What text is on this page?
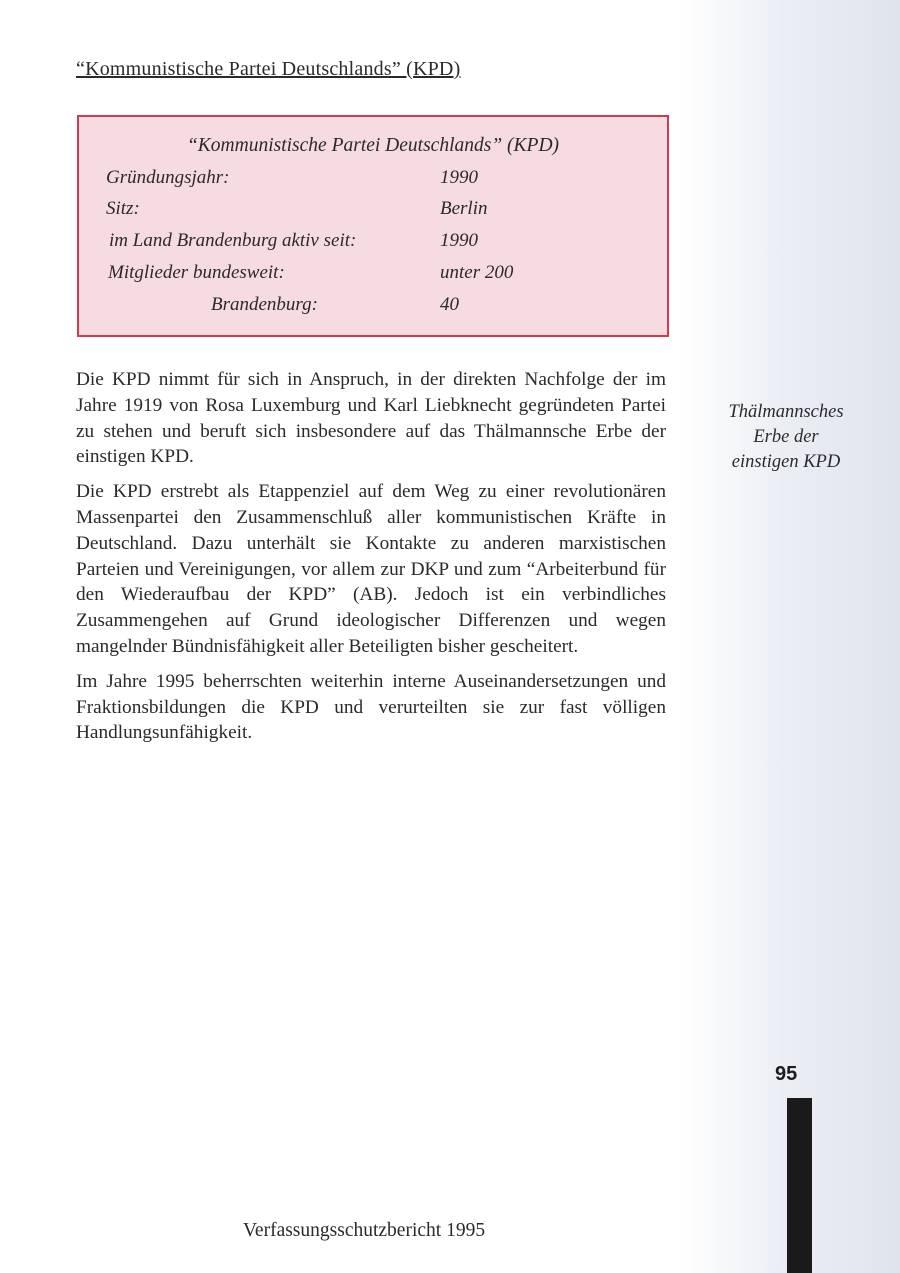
“Kommunistische Partei Deutschlands” (KPD)
“Kommunistische Partei Deutschlands” (KPD)
Gründungsjahr:	1990
Sitz:	Berlin
im Land Brandenburg aktiv seit:	1990
Mitglieder bundesweit:	unter 200
Brandenburg:	40

Die KPD nimmt für sich in Anspruch, in der direkten Nachfolge der im Jahre 1919 von Rosa Luxemburg und Karl Liebknecht gegründeten Partei zu stehen und beruft sich insbesondere auf das Thälmannsche Erbe der einstigen KPD.

Die KPD erstrebt als Etappenziel auf dem Weg zu einer revolutionären Massenpartei den Zusammenschluß aller kommunistischen Kräfte in Deutschland. Dazu unterhält sie Kontakte zu anderen marxistischen Parteien und Vereinigungen, vor allem zur DKP und zum “Arbeiterbund für den Wiederaufbau der KPD” (AB). Jedoch ist ein verbindliches Zusammengehen auf Grund ideologischer Differenzen und wegen mangelnder Bündnisfähigkeit aller Beteiligten bisher gescheitert.

Im Jahre 1995 beherrschten weiterhin interne Auseinandersetzungen und Fraktionsbildungen die KPD und verurteilten sie zur fast völligen Handlungsunfähigkeit.

Thälmannsches
Erbe der
einstigen KPD
95
Verfassungsschutzbericht 1995
